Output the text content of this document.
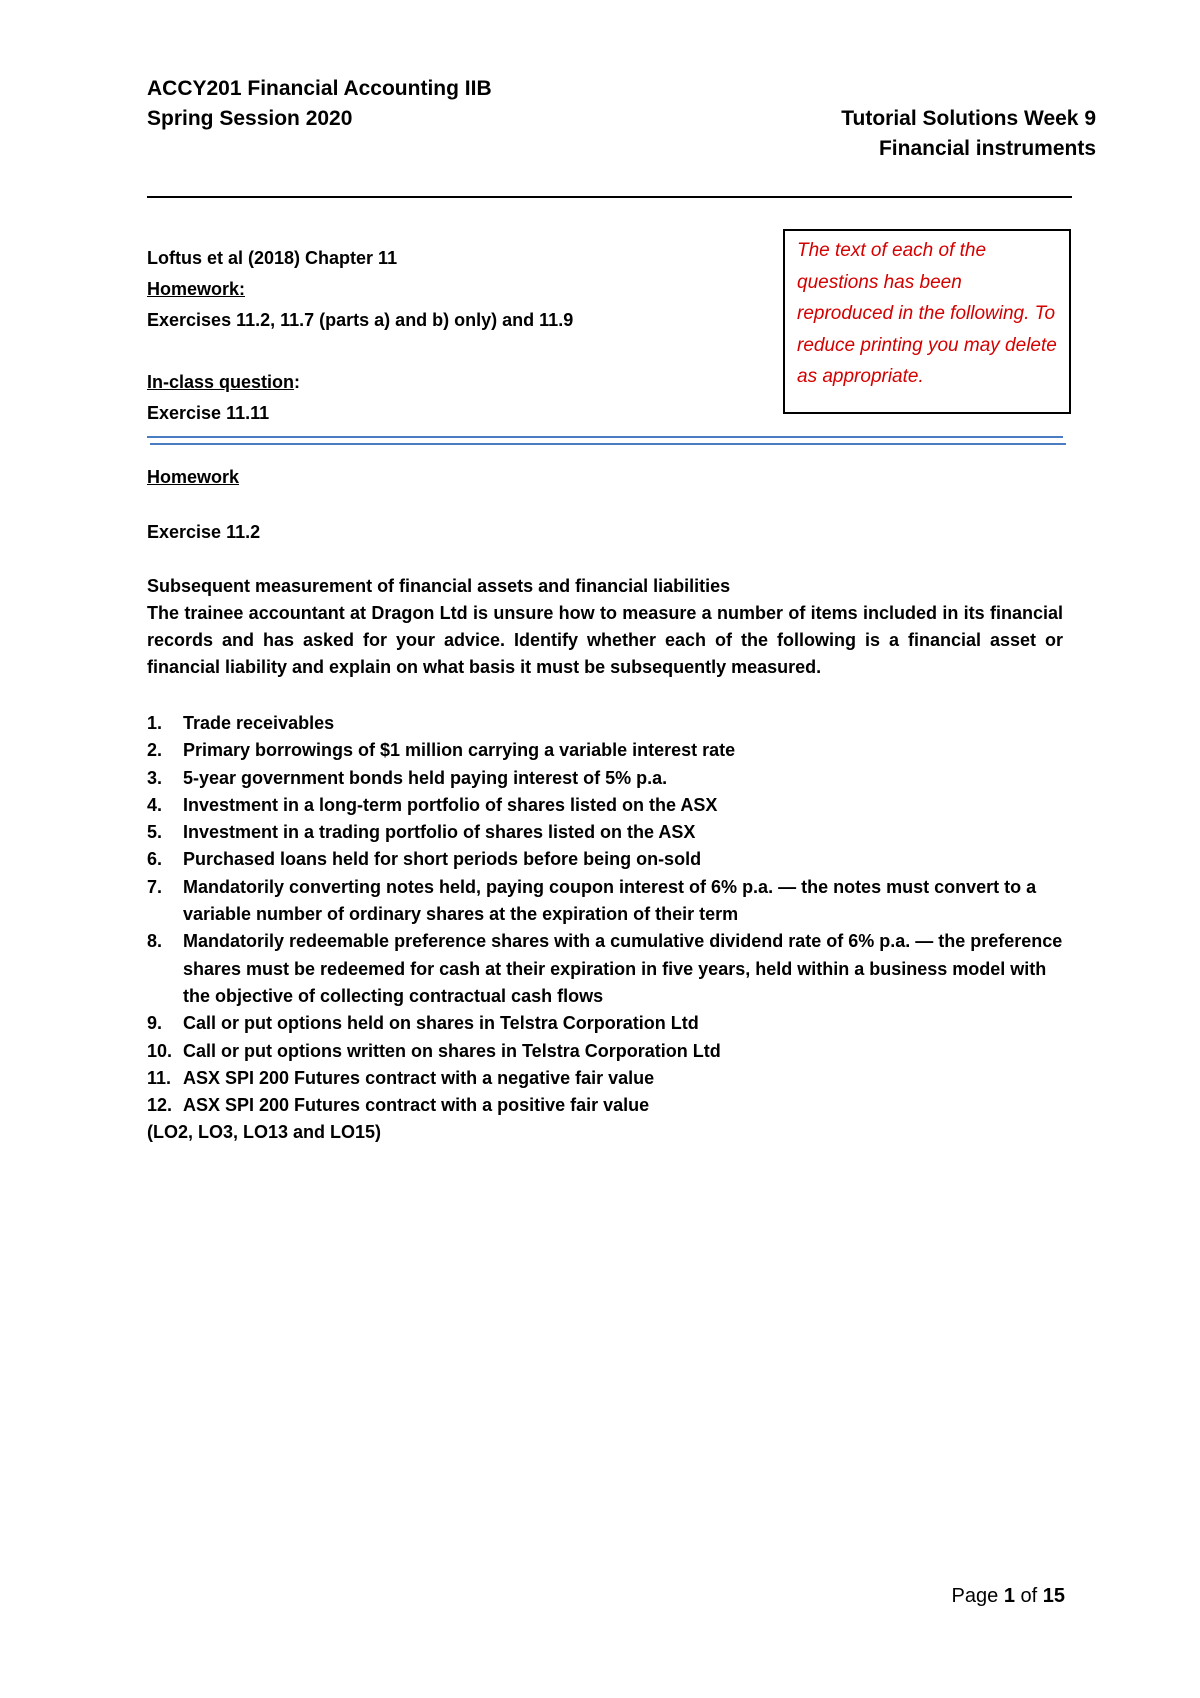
ACCY201 Financial Accounting IIB
Spring Session 2020	Tutorial Solutions Week 9
Financial instruments
Loftus et al (2018) Chapter 11
Homework:
Exercises 11.2, 11.7 (parts a) and b) only) and 11.9
In-class question:
Exercise 11.11
The text of each of the questions has been reproduced in the following. To reduce printing you may delete as appropriate.
Homework
Exercise 11.2
Subsequent measurement of financial assets and financial liabilities
The trainee accountant at Dragon Ltd is unsure how to measure a number of items included in its financial records and has asked for your advice. Identify whether each of the following is a financial asset or financial liability and explain on what basis it must be subsequently measured.
1. Trade receivables
2. Primary borrowings of $1 million carrying a variable interest rate
3. 5-year government bonds held paying interest of 5% p.a.
4. Investment in a long-term portfolio of shares listed on the ASX
5. Investment in a trading portfolio of shares listed on the ASX
6. Purchased loans held for short periods before being on-sold
7. Mandatorily converting notes held, paying coupon interest of 6% p.a. — the notes must convert to a variable number of ordinary shares at the expiration of their term
8. Mandatorily redeemable preference shares with a cumulative dividend rate of 6% p.a. — the preference shares must be redeemed for cash at their expiration in five years, held within a business model with the objective of collecting contractual cash flows
9. Call or put options held on shares in Telstra Corporation Ltd
10. Call or put options written on shares in Telstra Corporation Ltd
11. ASX SPI 200 Futures contract with a negative fair value
12. ASX SPI 200 Futures contract with a positive fair value
(LO2, LO3, LO13 and LO15)
Page 1 of 15
